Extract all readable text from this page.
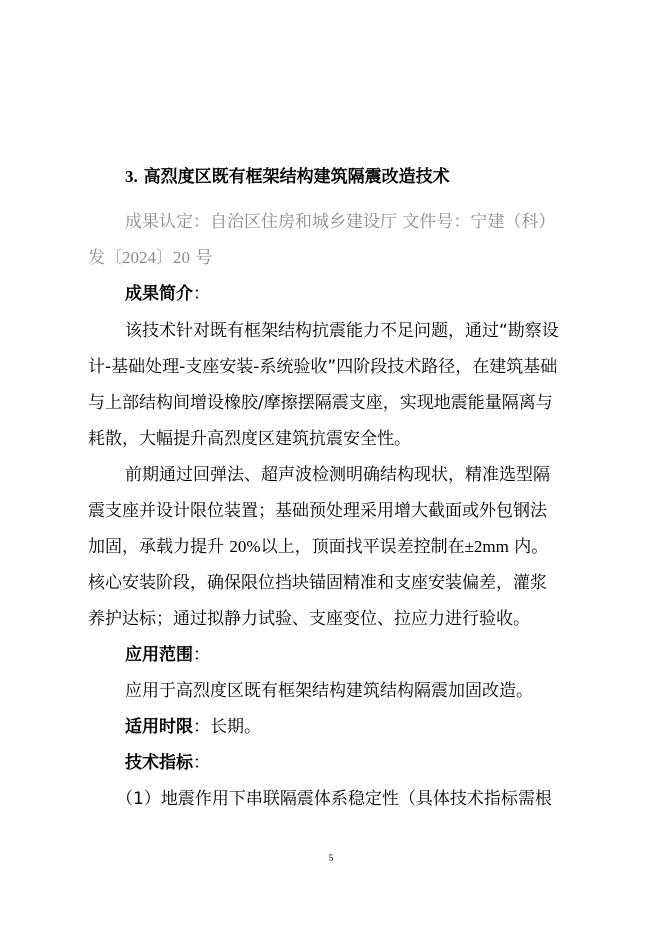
3. 高烈度区既有框架结构建筑隔震改造技术
成果认定：自治区住房和城乡建设厅 文件号：宁建（科）
发〔2024〕20 号
成果简介：
该技术针对既有框架结构抗震能力不足问题，通过“勘察设
计-基础处理-支座安装-系统验收”四阶段技术路径，在建筑基础
与上部结构间增设橡胶/摩擦摆隔震支座，实现地震能量隔离与
耗散，大幅提升高烈度区建筑抗震安全性。
前期通过回弹法、超声波检测明确结构现状，精准选型隔
震支座并设计限位装置；基础预处理采用增大截面或外包钢法
加固，承载力提升 20%以上，顶面找平误差控制在±2mm 内。
核心安装阶段，确保限位挡块锚固精准和支座安装偏差，灌浆
养护达标；通过拟静力试验、支座变位、拉应力进行验收。
应用范围：
应用于高烈度区既有框架结构建筑结构隔震加固改造。
适用时限：长期。
技术指标：
（1）地震作用下串联隔震体系稳定性（具体技术指标需根
5
